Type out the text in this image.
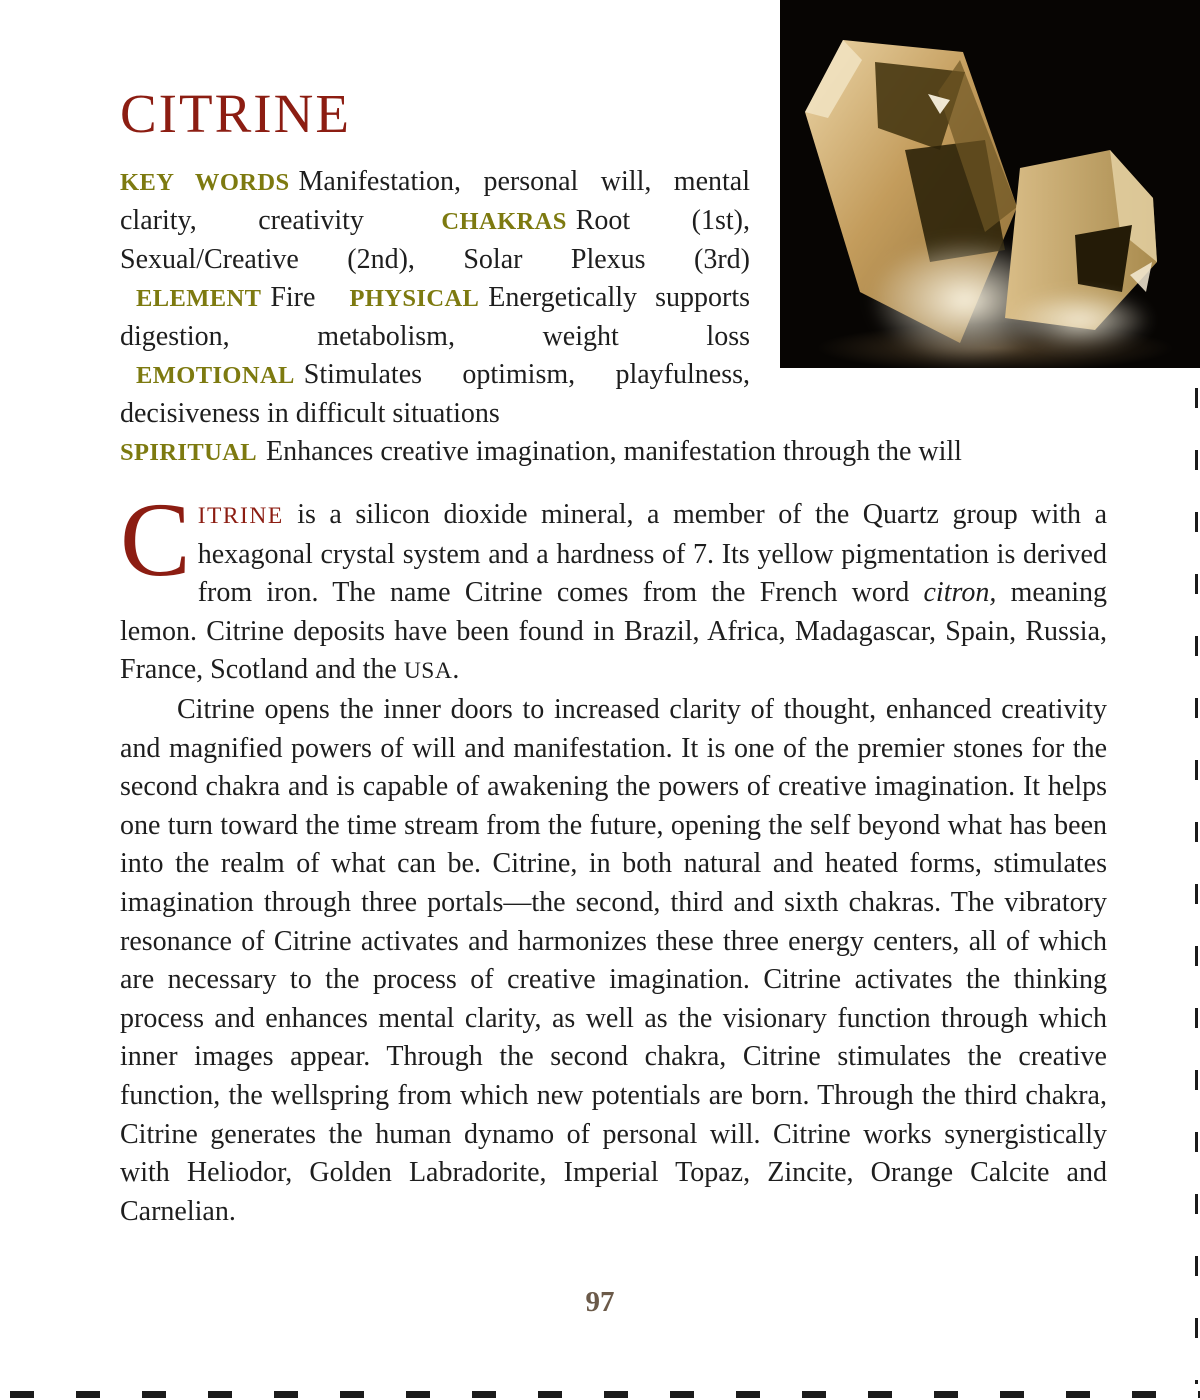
CITRINE
KEY WORDS Manifestation, personal will, mental clarity, creativity	CHAKRAS Root (1st), Sexual/Creative (2nd), Solar Plexus (3rd) ELEMENT Fire PHYSICAL Energetically supports digestion, metabolism, weight loss EMOTIONAL Stimulates optimism, playfulness, decisiveness in difficult situations
SPIRITUAL Enhances creative imagination, manifestation through the will

CITRINE is a silicon dioxide mineral, a member of the Quartz group with a hexagonal crystal system and a hardness of 7. Its yellow pigmentation is derived from iron. The name Citrine comes from the French word citron, meaning lemon. Citrine deposits have been found in Brazil, Africa, Madagascar, Spain, Russia, France, Scotland and the USA.

Citrine opens the inner doors to increased clarity of thought, enhanced creativity and magnified powers of will and manifestation. It is one of the premier stones for the second chakra and is capable of awakening the powers of creative imagination. It helps one turn toward the time stream from the future, opening the self beyond what has been into the realm of what can be. Citrine, in both natural and heated forms, stimulates imagination through three portals—the second, third and sixth chakras. The vibratory resonance of Citrine activates and harmonizes these three energy centers, all of which are necessary to the process of creative imagination. Citrine activates the thinking process and enhances mental clarity, as well as the visionary function through which inner images appear. Through the second chakra, Citrine stimulates the creative function, the wellspring from which new potentials are born. Through the third chakra, Citrine generates the human dynamo of personal will. Citrine works synergistically with Heliodor, Golden Labradorite, Imperial Topaz, Zincite, Orange Calcite and Carnelian.

97
